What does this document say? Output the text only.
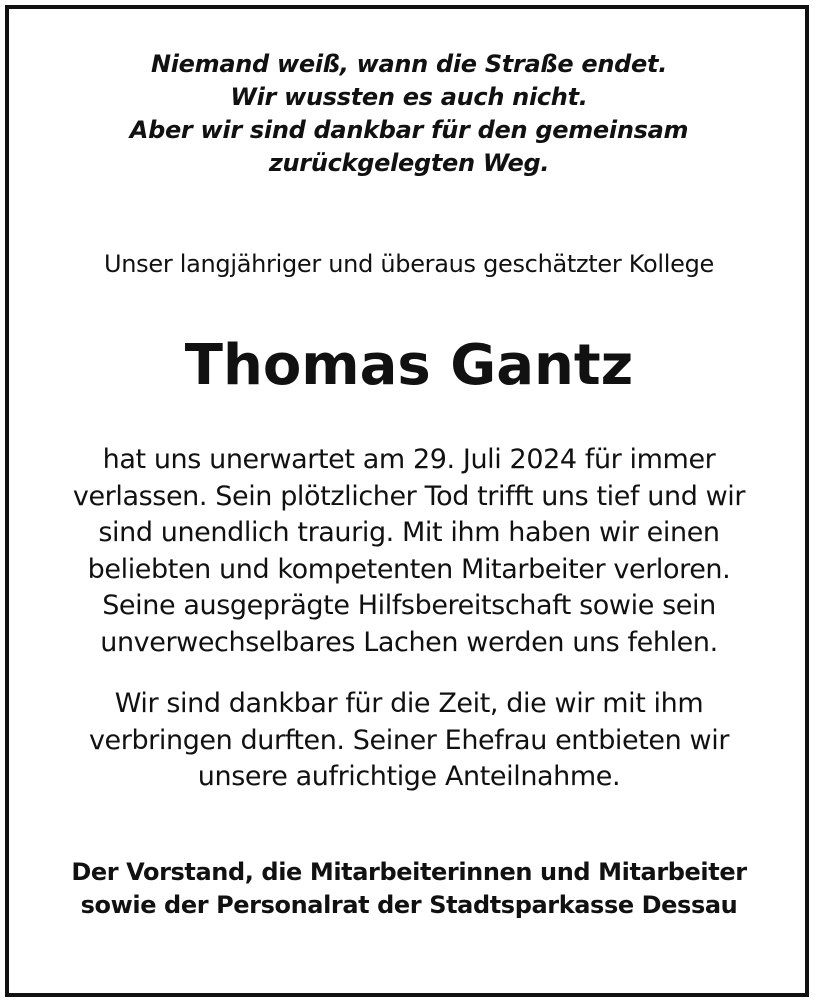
Niemand weiß, wann die Straße endet.
Wir wussten es auch nicht.
Aber wir sind dankbar für den gemeinsam
zurückgelegten Weg.
Unser langjähriger und überaus geschätzter Kollege
Thomas Gantz
hat uns unerwartet am 29. Juli 2024 für immer
verlassen. Sein plötzlicher Tod trifft uns tief und wir
sind unendlich traurig. Mit ihm haben wir einen
beliebten und kompetenten Mitarbeiter verloren.
Seine ausgeprägte Hilfsbereitschaft sowie sein
unverwechselbares Lachen werden uns fehlen.
Wir sind dankbar für die Zeit, die wir mit ihm
verbringen durften. Seiner Ehefrau entbieten wir
unsere aufrichtige Anteilnahme.
Der Vorstand, die Mitarbeiterinnen und Mitarbeiter
sowie der Personalrat der Stadtsparkasse Dessau
